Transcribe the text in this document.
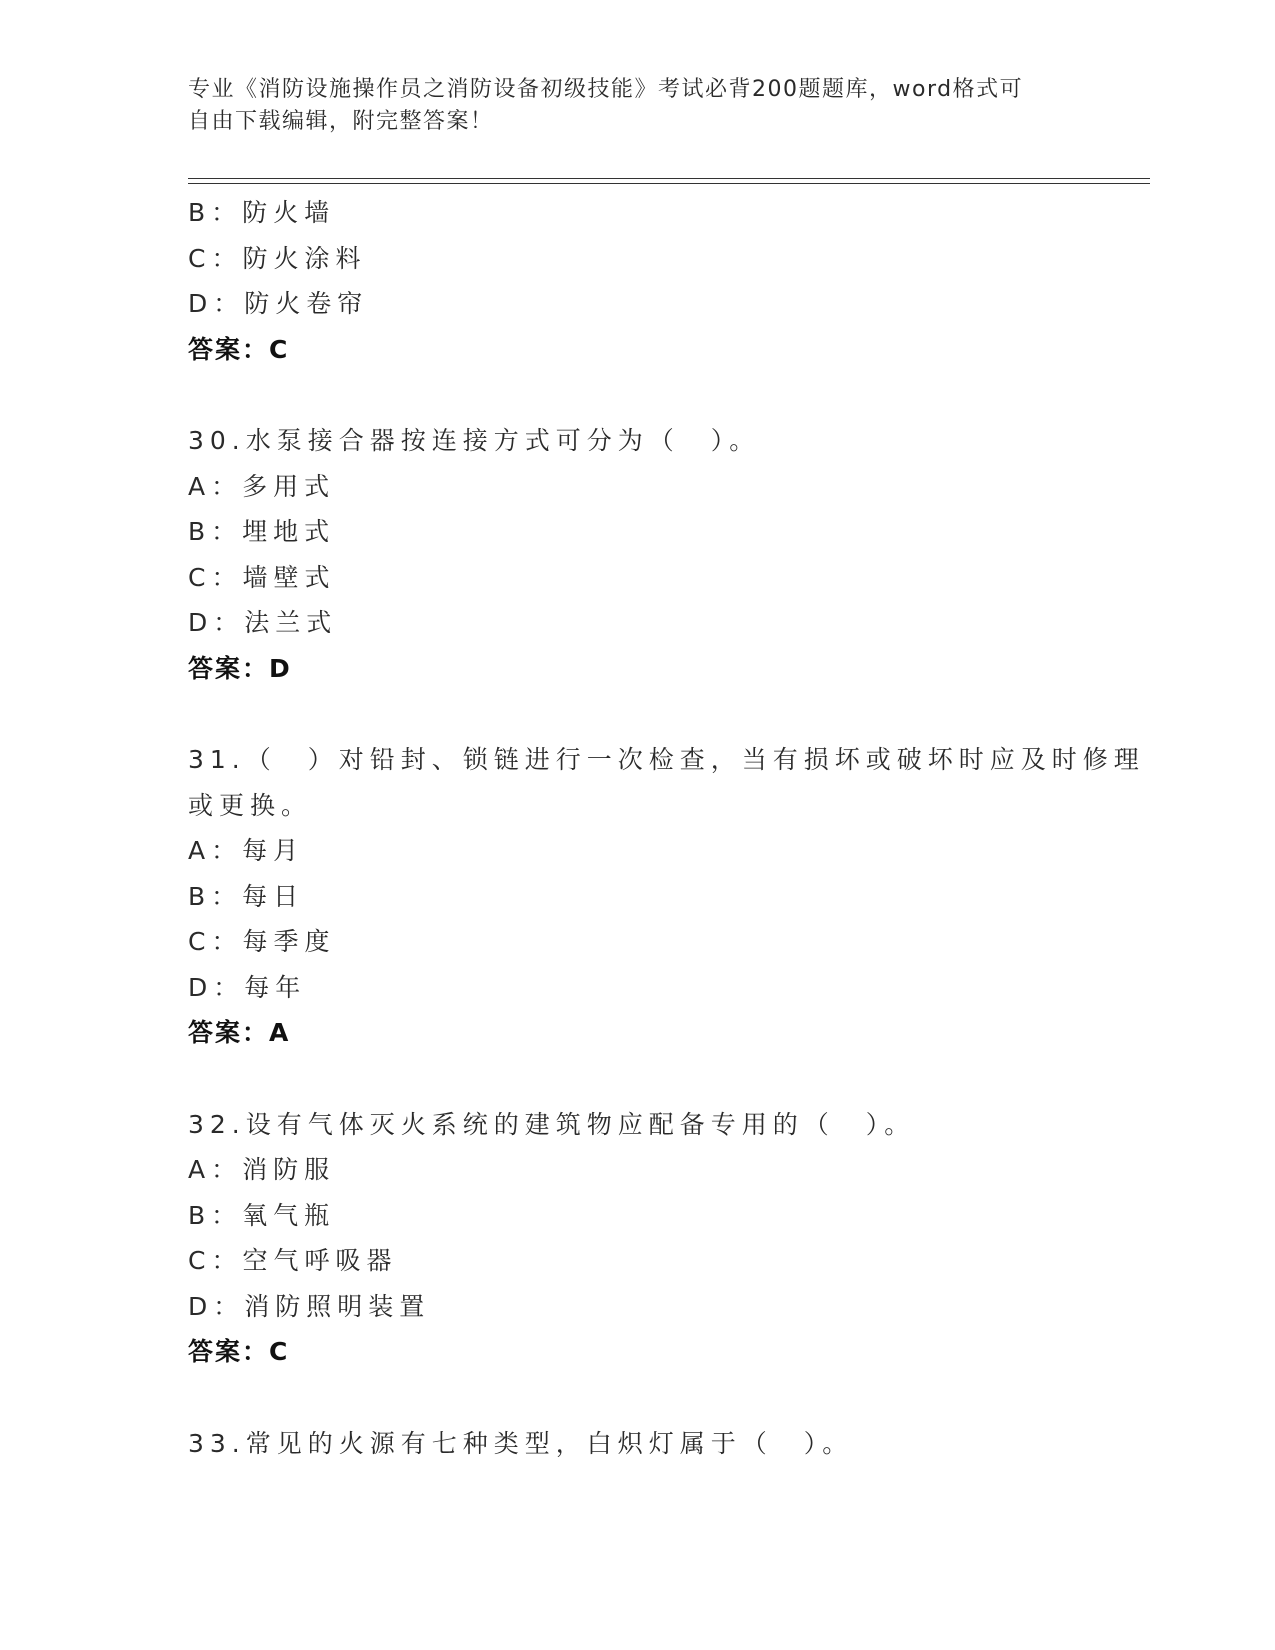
专业《消防设施操作员之消防设备初级技能》考试必背200题题库，word格式可
自由下载编辑，附完整答案！
B：防火墙
C：防火涂料
D：防火卷帘
答案：C
30.水泵接合器按连接方式可分为（　）。
A：多用式
B：埋地式
C：墙壁式
D：法兰式
答案：D
31.（　）对铅封、锁链进行一次检查，当有损坏或破坏时应及时修理
或更换。
A：每月
B：每日
C：每季度
D：每年
答案：A
32.设有气体灭火系统的建筑物应配备专用的（　）。
A：消防服
B：氧气瓶
C：空气呼吸器
D：消防照明装置
答案：C
33.常见的火源有七种类型，白炽灯属于（　）。
